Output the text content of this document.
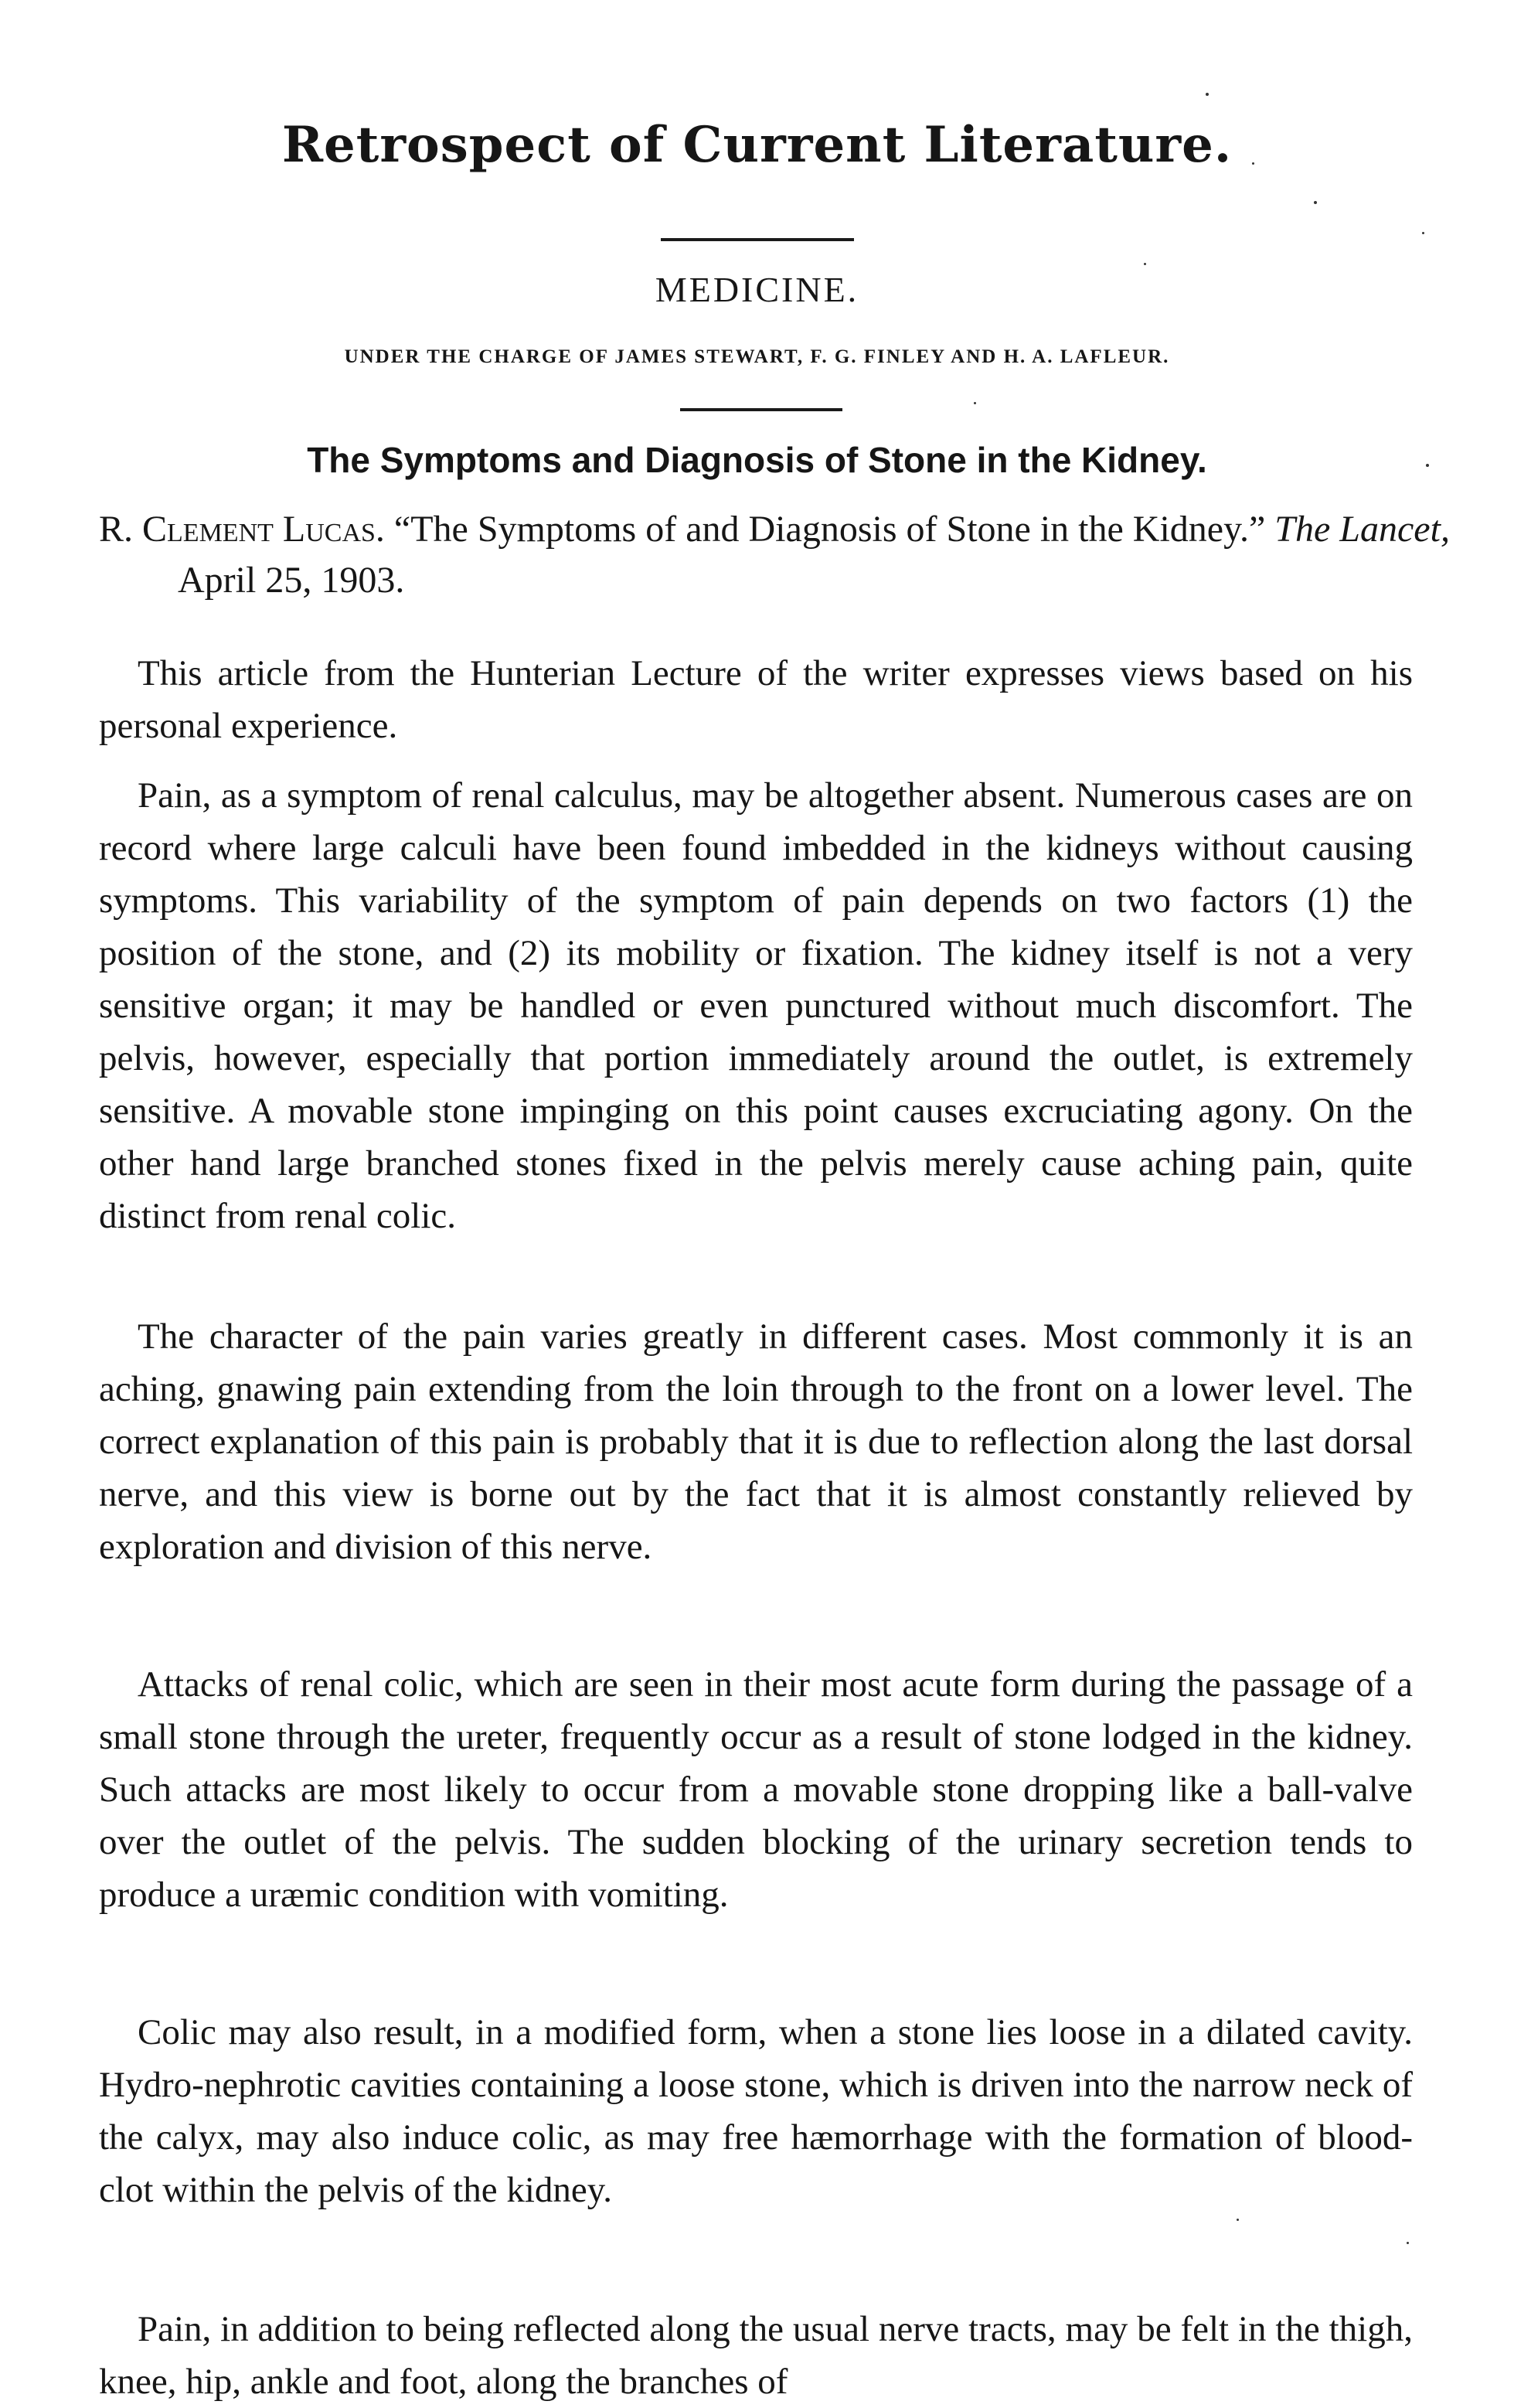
Retrospect of Current Literature.
MEDICINE.
UNDER THE CHARGE OF JAMES STEWART, F. G. FINLEY AND H. A. LAFLEUR.
The Symptoms and Diagnosis of Stone in the Kidney.
R. Clement Lucas. “The Symptoms of and Diagnosis of Stone in the Kidney.” The Lancet, April 25, 1903.

This article from the Hunterian Lecture of the writer expresses views based on his personal experience.

Pain, as a symptom of renal calculus, may be altogether absent. Numerous cases are on record where large calculi have been found imbedded in the kidneys without causing symptoms. This variability of the symptom of pain depends on two factors (1) the position of the stone, and (2) its mobility or fixation. The kidney itself is not a very sensitive organ; it may be handled or even punctured without much discomfort. The pelvis, however, especially that portion immediately around the outlet, is extremely sensitive. A movable stone impinging on this point causes excruciating agony. On the other hand large branched stones fixed in the pelvis merely cause aching pain, quite distinct from renal colic.

The character of the pain varies greatly in different cases. Most commonly it is an aching, gnawing pain extending from the loin through to the front on a lower level. The correct explanation of this pain is probably that it is due to reflection along the last dorsal nerve, and this view is borne out by the fact that it is almost constantly relieved by exploration and division of this nerve.

Attacks of renal colic, which are seen in their most acute form during the passage of a small stone through the ureter, frequently occur as a result of stone lodged in the kidney. Such attacks are most likely to occur from a movable stone dropping like a ball-valve over the outlet of the pelvis. The sudden blocking of the urinary secretion tends to produce a uræmic condition with vomiting.

Colic may also result, in a modified form, when a stone lies loose in a dilated cavity. Hydro-nephrotic cavities containing a loose stone, which is driven into the narrow neck of the calyx, may also induce colic, as may free hæmorrhage with the formation of blood-clot within the pelvis of the kidney.

Pain, in addition to being reflected along the usual nerve tracts, may be felt in the thigh, knee, hip, ankle and foot, along the branches of
